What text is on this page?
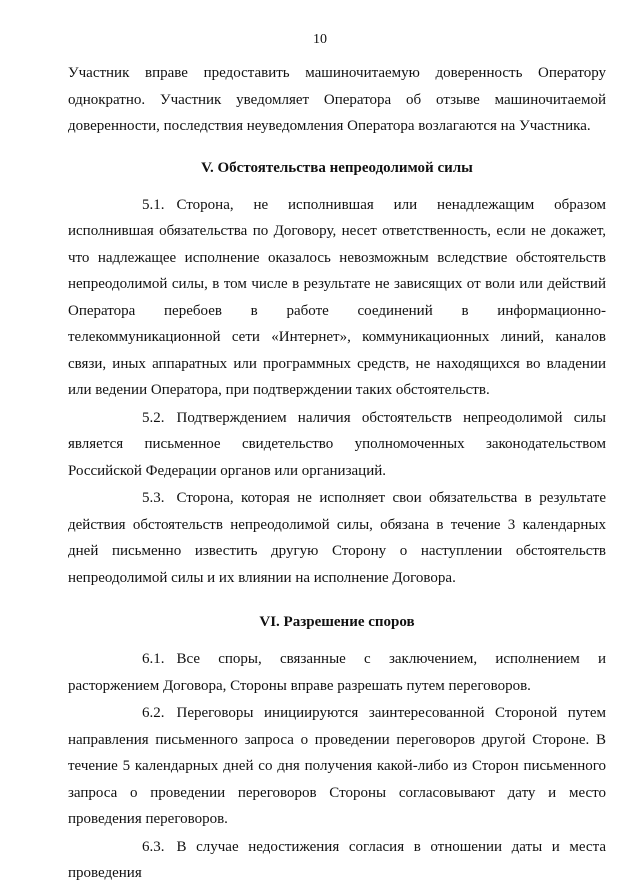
10

Участник вправе предоставить машиночитаемую доверенность Оператору однократно. Участник уведомляет Оператора об отзыве машиночитаемой доверенности, последствия неуведомления Оператора возлагаются на Участника.

V. Обстоятельства непреодолимой силы

5.1. Сторона, не исполнившая или ненадлежащим образом исполнившая обязательства по Договору, несет ответственность, если не докажет, что надлежащее исполнение оказалось невозможным вследствие обстоятельств непреодолимой силы, в том числе в результате не зависящих от воли или действий Оператора перебоев в работе соединений в информационно-телекоммуникационной сети «Интернет», коммуникационных линий, каналов связи, иных аппаратных или программных средств, не находящихся во владении или ведении Оператора, при подтверждении таких обстоятельств.

5.2. Подтверждением наличия обстоятельств непреодолимой силы является письменное свидетельство уполномоченных законодательством Российской Федерации органов или организаций.

5.3. Сторона, которая не исполняет свои обязательства в результате действия обстоятельств непреодолимой силы, обязана в течение 3 календарных дней письменно известить другую Сторону о наступлении обстоятельств непреодолимой силы и их влиянии на исполнение Договора.

VI. Разрешение споров

6.1. Все споры, связанные с заключением, исполнением и расторжением Договора, Стороны вправе разрешать путем переговоров.

6.2. Переговоры инициируются заинтересованной Стороной путем направления письменного запроса о проведении переговоров другой Стороне. В течение 5 календарных дней со дня получения какой-либо из Сторон письменного запроса о проведении переговоров Стороны согласовывают дату и место проведения переговоров.

6.3. В случае недостижения согласия в отношении даты и места проведения
